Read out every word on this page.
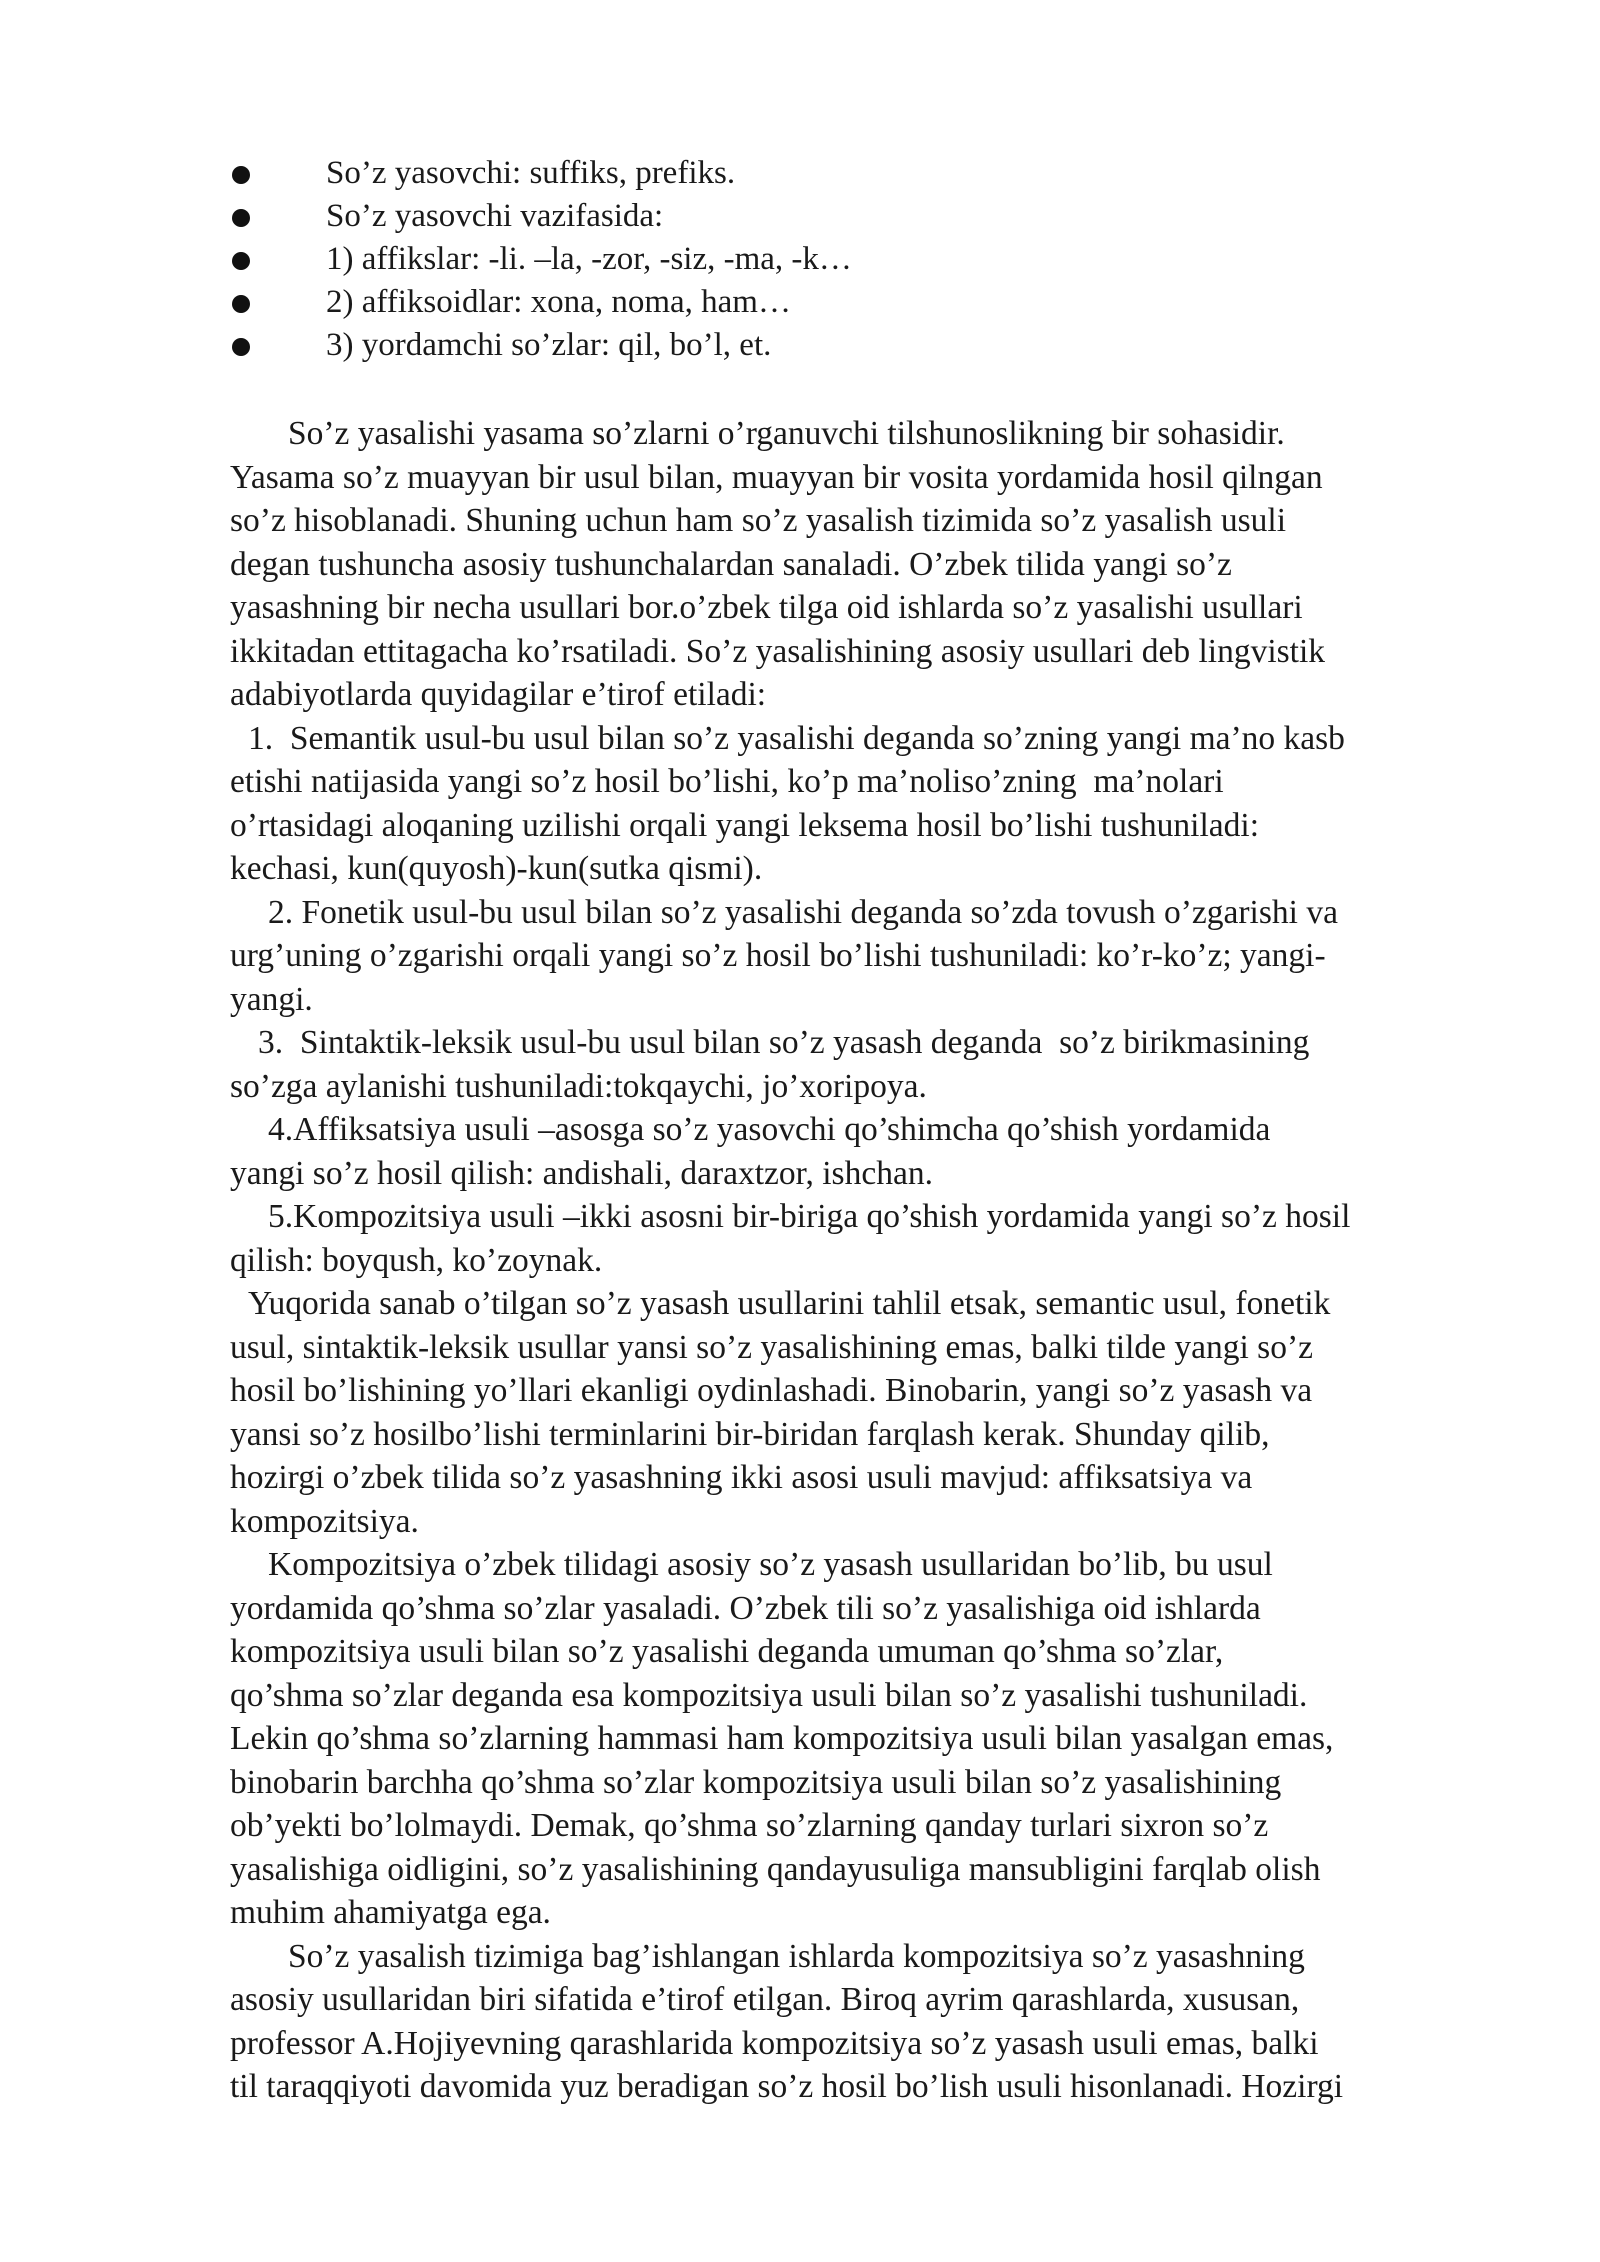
So’z yasovchi: suffiks, prefiks.
So’z yasovchi vazifasida:
1) affikslar: -li. –la, -zor, -siz, -ma, -k…
2) affiksoidlar: xona, noma, ham…
3) yordamchi so’zlar: qil, bo’l, et.

So’z yasalishi yasama so’zlarni o’rganuvchi tilshunoslikning bir sohasidir.

Yasama so’z muayyan bir usul bilan, muayyan bir vosita yordamida hosil qilngan

so’z hisoblanadi. Shuning uchun ham so’z yasalish tizimida so’z yasalish usuli

degan tushuncha asosiy tushunchalardan sanaladi. O’zbek tilida yangi so’z

yasashning bir necha usullari bor.o’zbek tilga oid ishlarda so’z yasalishi usullari

ikkitadan ettitagacha ko’rsatiladi. So’z yasalishining asosiy usullari deb lingvistik

adabiyotlarda quyidagilar e’tirof etiladi:

1.  Semantik usul-bu usul bilan so’z yasalishi deganda so’zning yangi ma’no kasb

etishi natijasida yangi so’z hosil bo’lishi, ko’p ma’noliso’zning  ma’nolari

o’rtasidagi aloqaning uzilishi orqali yangi leksema hosil bo’lishi tushuniladi:

kechasi, kun(quyosh)-kun(sutka qismi).

2. Fonetik usul-bu usul bilan so’z yasalishi deganda so’zda tovush o’zgarishi va

urg’uning o’zgarishi orqali yangi so’z hosil bo’lishi tushuniladi: ko’r-ko’z; yangi-

yangi.

3.  Sintaktik-leksik usul-bu usul bilan so’z yasash deganda  so’z birikmasining

so’zga aylanishi tushuniladi:tokqaychi, jo’xoripoya.

4.Affiksatsiya usuli –asosga so’z yasovchi qo’shimcha qo’shish yordamida

yangi so’z hosil qilish: andishali, daraxtzor, ishchan.

5.Kompozitsiya usuli –ikki asosni bir-biriga qo’shish yordamida yangi so’z hosil

qilish: boyqush, ko’zoynak.

Yuqorida sanab o’tilgan so’z yasash usullarini tahlil etsak, semantic usul, fonetik

usul, sintaktik-leksik usullar yansi so’z yasalishining emas, balki tilde yangi so’z

hosil bo’lishining yo’llari ekanligi oydinlashadi. Binobarin, yangi so’z yasash va

yansi so’z hosilbo’lishi terminlarini bir-biridan farqlash kerak. Shunday qilib,

hozirgi o’zbek tilida so’z yasashning ikki asosi usuli mavjud: affiksatsiya va

kompozitsiya.

Kompozitsiya o’zbek tilidagi asosiy so’z yasash usullaridan bo’lib, bu usul

yordamida qo’shma so’zlar yasaladi. O’zbek tili so’z yasalishiga oid ishlarda

kompozitsiya usuli bilan so’z yasalishi deganda umuman qo’shma so’zlar,

qo’shma so’zlar deganda esa kompozitsiya usuli bilan so’z yasalishi tushuniladi.

Lekin qo’shma so’zlarning hammasi ham kompozitsiya usuli bilan yasalgan emas,

binobarin barchha qo’shma so’zlar kompozitsiya usuli bilan so’z yasalishining

ob’yekti bo’lolmaydi. Demak, qo’shma so’zlarning qanday turlari sixron so’z

yasalishiga oidligini, so’z yasalishining qandayusuliga mansubligini farqlab olish

muhim ahamiyatga ega.

So’z yasalish tizimiga bag’ishlangan ishlarda kompozitsiya so’z yasashning

asosiy usullaridan biri sifatida e’tirof etilgan. Biroq ayrim qarashlarda, xususan,

professor A.Hojiyevning qarashlarida kompozitsiya so’z yasash usuli emas, balki

til taraqqiyoti davomida yuz beradigan so’z hosil bo’lish usuli hisonlanadi. Hozirgi
